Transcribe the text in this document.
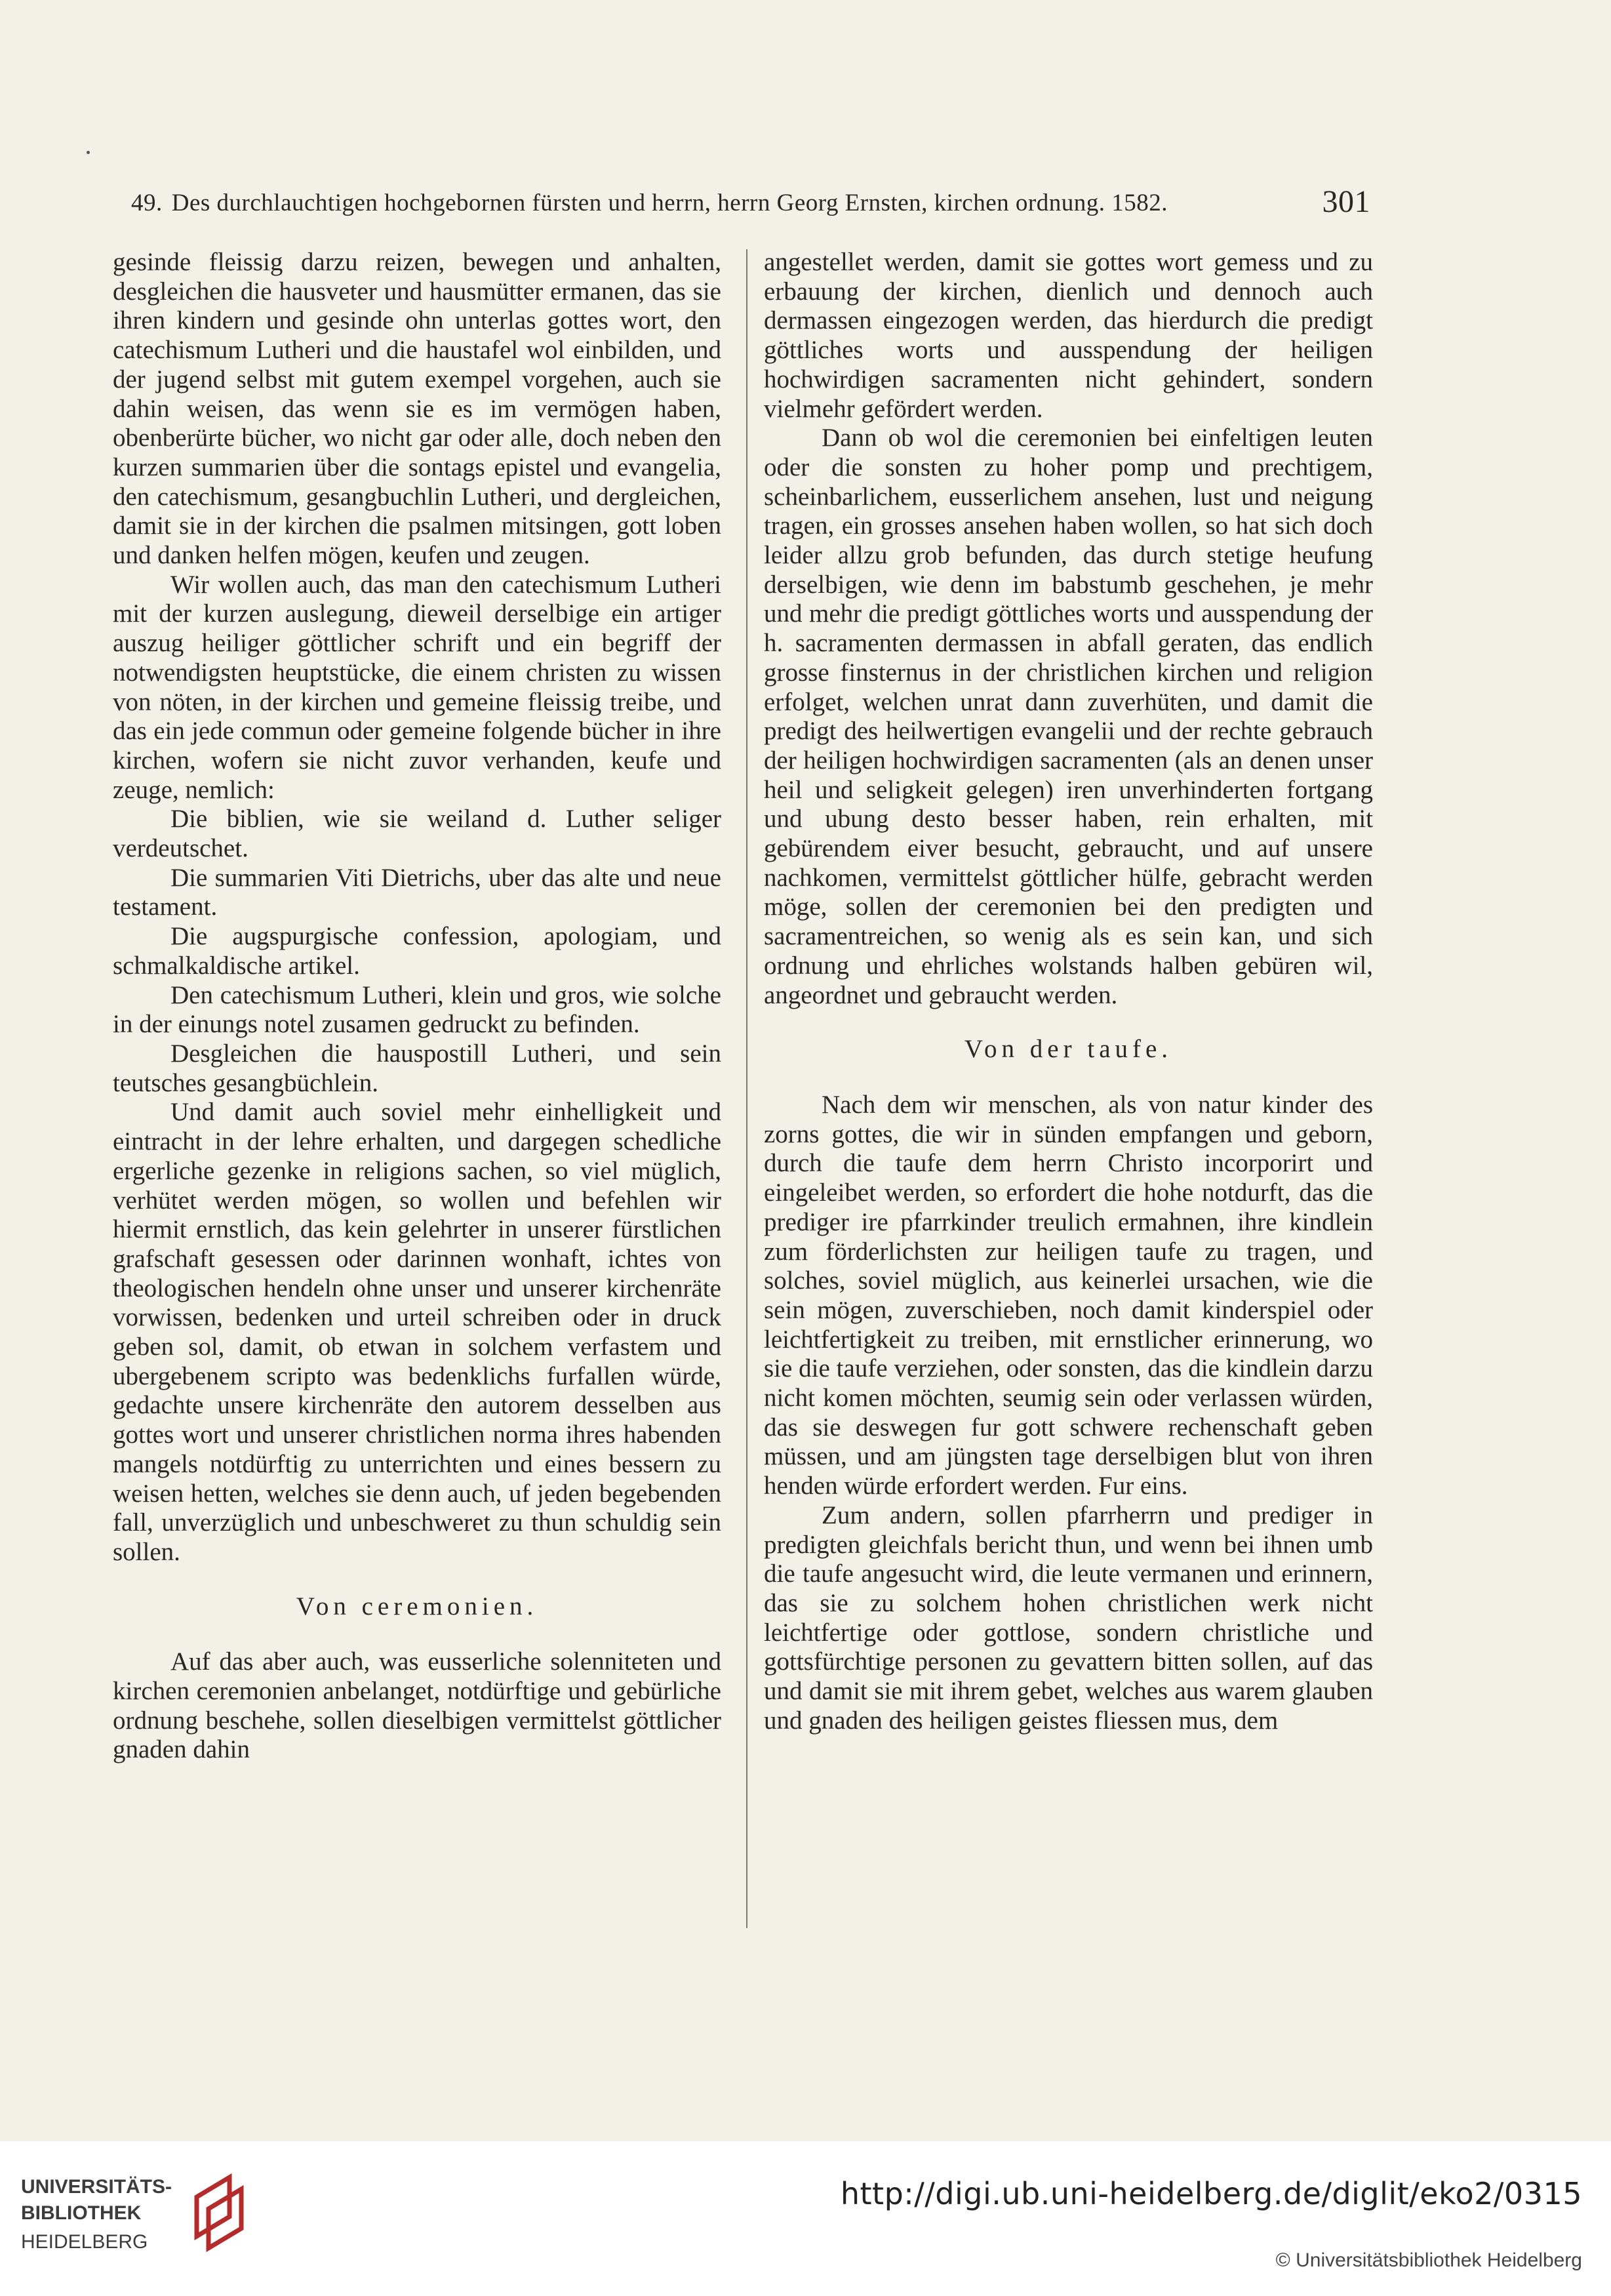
49. Des durchlauchtigen hochgebornen fürsten und herrn, herrn Georg Ernsten, kirchen ordnung. 1582.	301

gesinde fleissig darzu reizen, bewegen und anhalten, desgleichen die hausveter und hausmütter ermanen, das sie ihren kindern und gesinde ohn unterlas gottes wort, den catechismum Lutheri und die haustafel wol einbilden, und der jugend selbst mit gutem exempel vorgehen, auch sie dahin weisen, das wenn sie es im vermögen haben, obenberürte bücher, wo nicht gar oder alle, doch neben den kurzen summarien über die sontags epistel und evangelia, den catechismum, gesangbuchlin Lutheri, und dergleichen, damit sie in der kirchen die psalmen mitsingen, gott loben und danken helfen mögen, keufen und zeugen.

Wir wollen auch, das man den catechismum Lutheri mit der kurzen auslegung, dieweil derselbige ein artiger auszug heiliger göttlicher schrift und ein begriff der notwendigsten heuptstücke, die einem christen zu wissen von nöten, in der kirchen und gemeine fleissig treibe, und das ein jede commun oder gemeine folgende bücher in ihre kirchen, wofern sie nicht zuvor verhanden, keufe und zeuge, nemlich:

Die biblien, wie sie weiland d. Luther seliger verdeutschet.

Die summarien Viti Dietrichs, uber das alte und neue testament.

Die augspurgische confession, apologiam, und schmalkaldische artikel.

Den catechismum Lutheri, klein und gros, wie solche in der einungs notel zusamen gedruckt zu befinden.

Desgleichen die hauspostill Lutheri, und sein teutsches gesangbüchlein.

Und damit auch soviel mehr einhelligkeit und eintracht in der lehre erhalten, und dargegen schedliche ergerliche gezenke in religions sachen, so viel müglich, verhütet werden mögen, so wollen und befehlen wir hiermit ernstlich, das kein gelehrter in unserer fürstlichen grafschaft gesessen oder darinnen wonhaft, ichtes von theologischen hendeln ohne unser und unserer kirchenräte vorwissen, bedenken und urteil schreiben oder in druck geben sol, damit, ob etwan in solchem verfastem und ubergebenem scripto was bedenklichs furfallen würde, gedachte unsere kirchenräte den autorem desselben aus gottes wort und unserer christlichen norma ihres habenden mangels notdürftig zu unterrichten und eines bessern zu weisen hetten, welches sie denn auch, uf jeden begebenden fall, unverzüglich und unbeschweret zu thun schuldig sein sollen.

Von ceremonien.

Auf das aber auch, was eusserliche solenniteten und kirchen ceremonien anbelanget, notdürftige und gebürliche ordnung beschehe, sollen dieselbigen vermittelst göttlicher gnaden dahin

angestellet werden, damit sie gottes wort gemess und zu erbauung der kirchen, dienlich und dennoch auch dermassen eingezogen werden, das hierdurch die predigt göttliches worts und ausspendung der heiligen hochwirdigen sacramenten nicht gehindert, sondern vielmehr gefördert werden.

Dann ob wol die ceremonien bei einfeltigen leuten oder die sonsten zu hoher pomp und prechtigem, scheinbarlichem, eusserlichem ansehen, lust und neigung tragen, ein grosses ansehen haben wollen, so hat sich doch leider allzu grob befunden, das durch stetige heufung derselbigen, wie denn im babstumb geschehen, je mehr und mehr die predigt göttliches worts und ausspendung der h. sacramenten dermassen in abfall geraten, das endlich grosse finsternus in der christlichen kirchen und religion erfolget, welchen unrat dann zuverhüten, und damit die predigt des heilwertigen evangelii und der rechte gebrauch der heiligen hochwirdigen sacramenten (als an denen unser heil und seligkeit gelegen) iren unverhinderten fortgang und ubung desto besser haben, rein erhalten, mit gebürendem eiver besucht, gebraucht, und auf unsere nachkomen, vermittelst göttlicher hülfe, gebracht werden möge, sollen der ceremonien bei den predigten und sacramentreichen, so wenig als es sein kan, und sich ordnung und ehrliches wolstands halben gebüren wil, angeordnet und gebraucht werden.

Von der taufe.

Nach dem wir menschen, als von natur kinder des zorns gottes, die wir in sünden empfangen und geborn, durch die taufe dem herrn Christo incorporirt und eingeleibet werden, so erfordert die hohe notdurft, das die prediger ire pfarrkinder treulich ermahnen, ihre kindlein zum förderlichsten zur heiligen taufe zu tragen, und solches, soviel müglich, aus keinerlei ursachen, wie die sein mögen, zuverschieben, noch damit kinderspiel oder leichtfertigkeit zu treiben, mit ernstlicher erinnerung, wo sie die taufe verziehen, oder sonsten, das die kindlein darzu nicht komen möchten, seumig sein oder verlassen würden, das sie deswegen fur gott schwere rechenschaft geben müssen, und am jüngsten tage derselbigen blut von ihren henden würde erfordert werden. Fur eins.

Zum andern, sollen pfarrherrn und prediger in predigten gleichfals bericht thun, und wenn bei ihnen umb die taufe angesucht wird, die leute vermanen und erinnern, das sie zu solchem hohen christlichen werk nicht leichtfertige oder gottlose, sondern christliche und gottsfürchtige personen zu gevattern bitten sollen, auf das und damit sie mit ihrem gebet, welches aus warem glauben und gnaden des heiligen geistes fliessen mus, dem

UNIVERSITÄTS-
BIBLIOTHEK
HEIDELBERG
http://digi.ub.uni-heidelberg.de/diglit/eko2/0315
© Universitätsbibliothek Heidelberg
